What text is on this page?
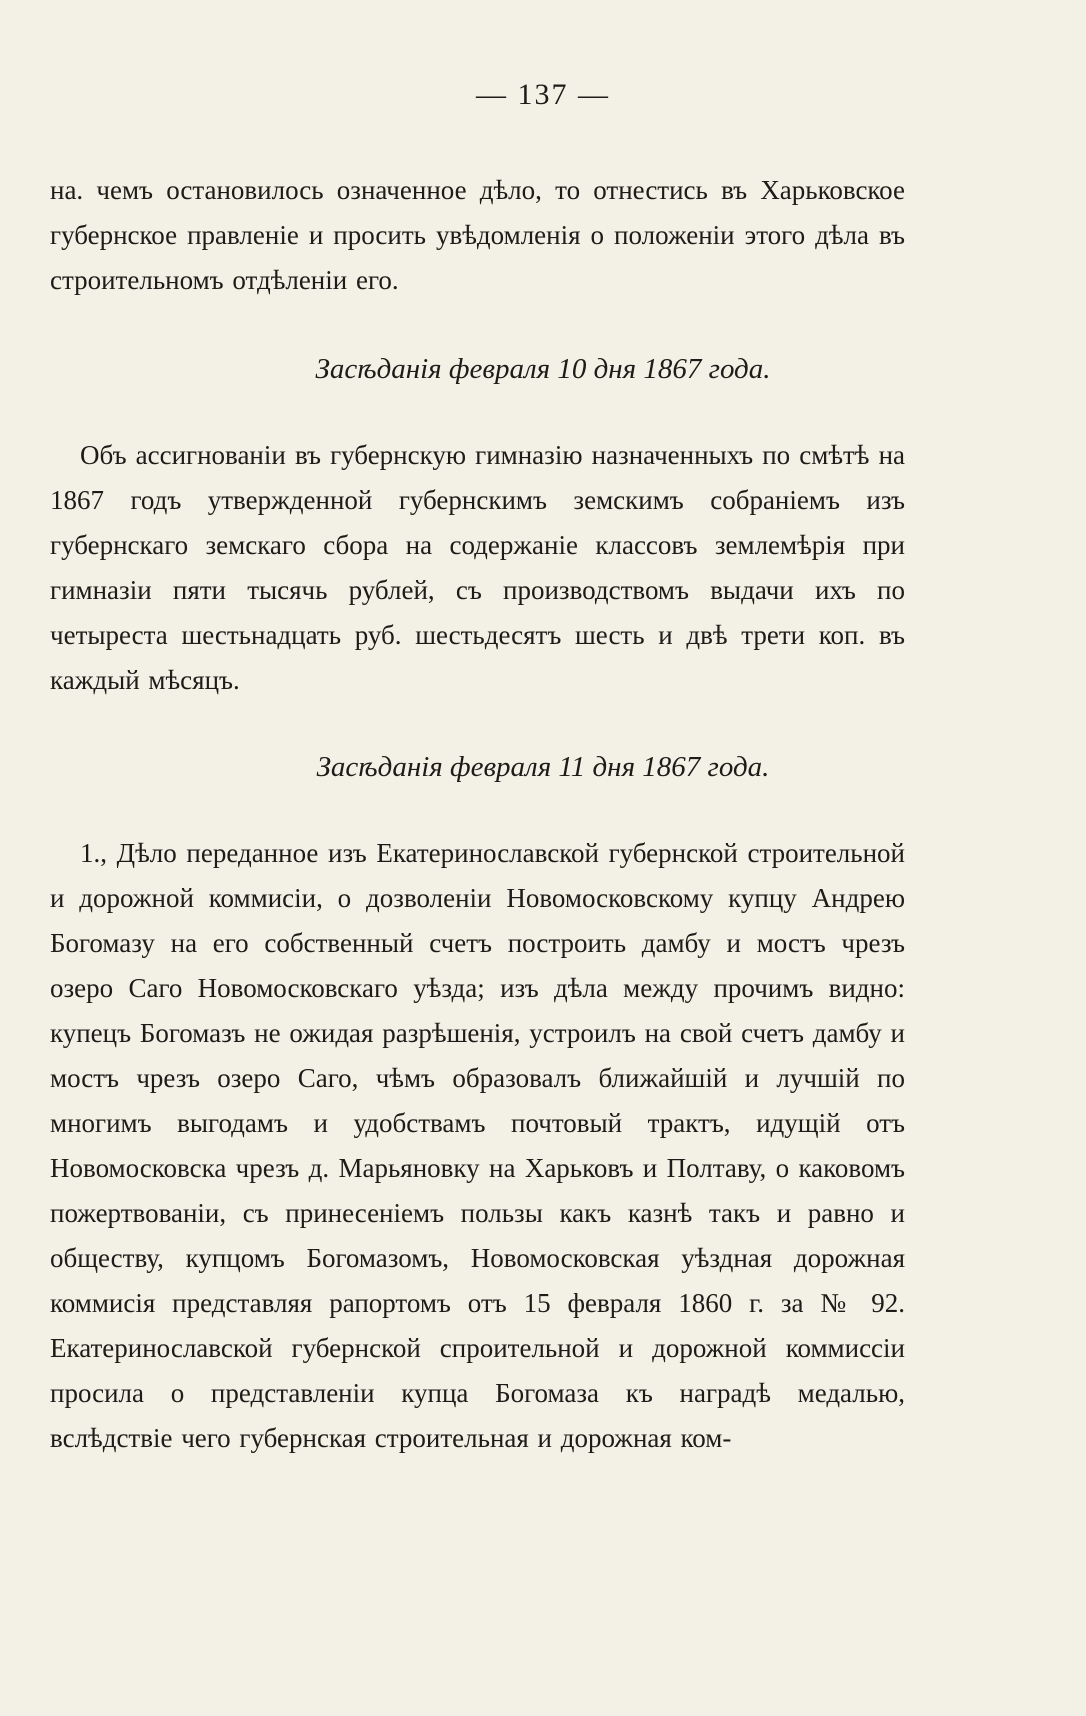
— 137 —

на. чемъ остановилось означенное дѣло, то отнестись въ Харьковское губернское правленіе и просить увѣдомленія о положеніи этого дѣла въ строительномъ отдѣленіи его.

Засѣданія февраля 10 дня 1867 года.

Объ ассигнованіи въ губернскую гимназію назначенныхъ по смѣтѣ на 1867 годъ утвержденной губернскимъ земскимъ собраніемъ изъ губернскаго земскаго сбора на содержаніе классовъ землемѣрія при гимназіи пяти тысячь рублей, съ производствомъ выдачи ихъ по четыреста шестьнадцать руб. шестьдесятъ шесть и двѣ трети коп. въ каждый мѣсяцъ.

Засѣданія февраля 11 дня 1867 года.

1., Дѣло переданное изъ Екатеринославской губернской строительной и дорожной коммисіи, о дозволеніи Новомосковскому купцу Андрею Богомазу на его собственный счетъ построить дамбу и мостъ чрезъ озеро Саго Новомосковскаго уѣзда; изъ дѣла между прочимъ видно: купецъ Богомазъ не ожидая разрѣшенія, устроилъ на свой счетъ дамбу и мостъ чрезъ озеро Саго, чѣмъ образовалъ ближайшій и лучшій по многимъ выгодамъ и удобствамъ почтовый трактъ, идущій отъ Новомосковска чрезъ д. Марьяновку на Харьковъ и Полтаву, о каковомъ пожертвованіи, съ принесеніемъ пользы какъ казнѣ такъ и равно и обществу, купцомъ Богомазомъ, Новомосковская уѣздная дорожная коммисія представляя рапортомъ отъ 15 февраля 1860 г. за № 92. Екатеринославской губернской спроительной и дорожной коммиссіи просила о представленіи купца Богомаза къ наградѣ медалью, вслѣдствіе чего губернская строительная и дорожная ком-
